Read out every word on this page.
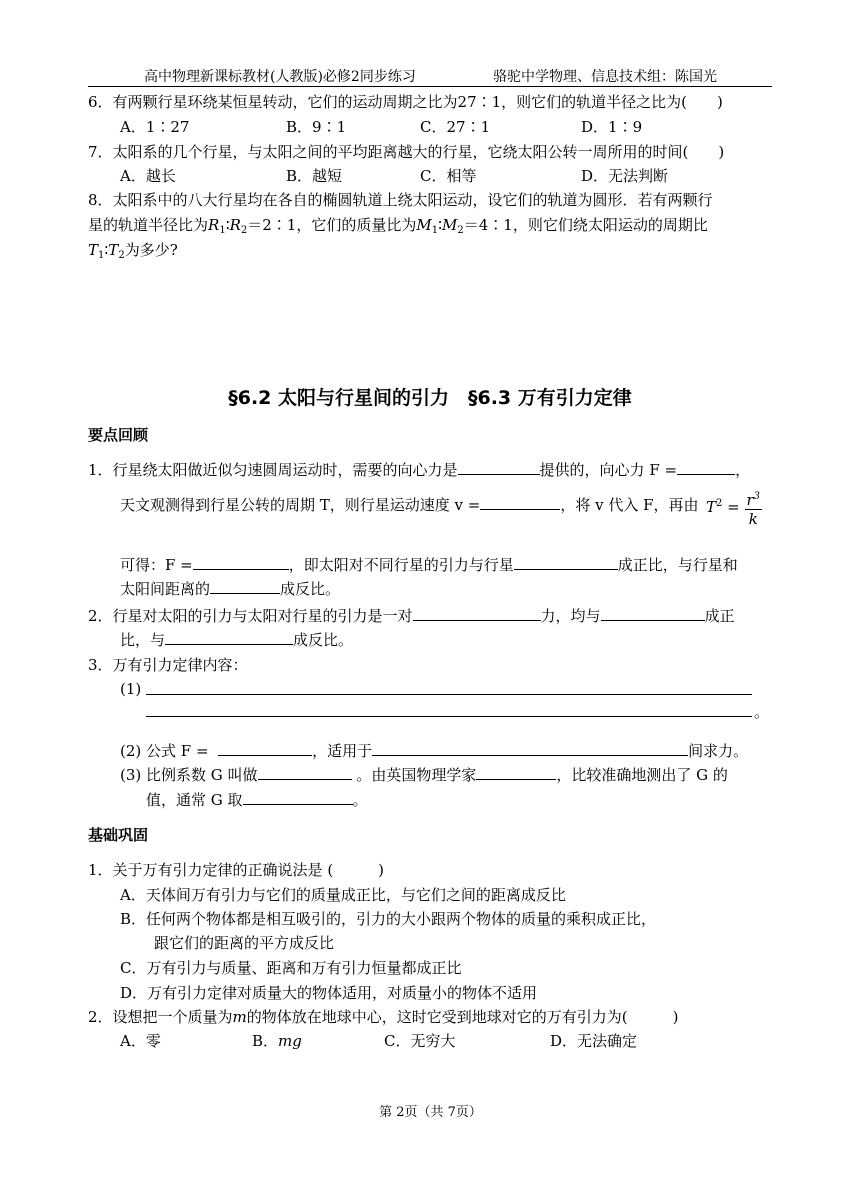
高中物理新课标教材(人教版)必修2同步练习	骆驼中学物理、信息技术组：陈国光
6．有两颗行星环绕某恒星转动，它们的运动周期之比为27∶1，则它们的轨道半径之比为(　　)
A．1∶27	B．9∶1	C．27∶1	D．1∶9
7．太阳系的几个行星，与太阳之间的平均距离越大的行星，它绕太阳公转一周所用的时间(　　)
A．越长	B．越短	C．相等	D．无法判断
8．太阳系中的八大行星均在各自的椭圆轨道上绕太阳运动，设它们的轨道为圆形．若有两颗行
星的轨道半径比为$R_1∶R_2=2∶1$，它们的质量比为$M_1∶M_2=4∶1$，则它们绕太阳运动的周期比
$T_1∶T_2$为多少?
§6.2 太阳与行星间的引力　§6.3 万有引力定律
要点回顾
1．行星绕太阳做近似匀速圆周运动时，需要的向心力是	提供的，向心力 F =	，
天文观测得到行星公转的周期 T，则行星运动速度 v =	，将 v 代入 F，再由 $T^2 = \frac{r^3}{k}$
可得：F =	，即太阳对不同行星的引力与行星	成正比，与行星和
太阳间距离的	成反比。
2．行星对太阳的引力与太阳对行星的引力是一对	力，均与	成正
比，与	成反比。
3．万有引力定律内容：
(1)
。
(2) 公式 F =	，适用于	间求力。
(3) 比例系数 G 叫做	。由英国物理学家	，比较准确地测出了 G 的
值，通常 G 取	。
基础巩固
1．关于万有引力定律的正确说法是 (　　　)
A．天体间万有引力与它们的质量成正比，与它们之间的距离成反比
B．任何两个物体都是相互吸引的，引力的大小跟两个物体的质量的乘积成正比，
跟它们的距离的平方成反比
C．万有引力与质量、距离和万有引力恒量都成正比
D．万有引力定律对质量大的物体适用，对质量小的物体不适用
2．设想把一个质量为m的物体放在地球中心，这时它受到地球对它的万有引力为(　　　)
A．零	B．mg	C．无穷大	D．无法确定
第 2页（共 7页）
